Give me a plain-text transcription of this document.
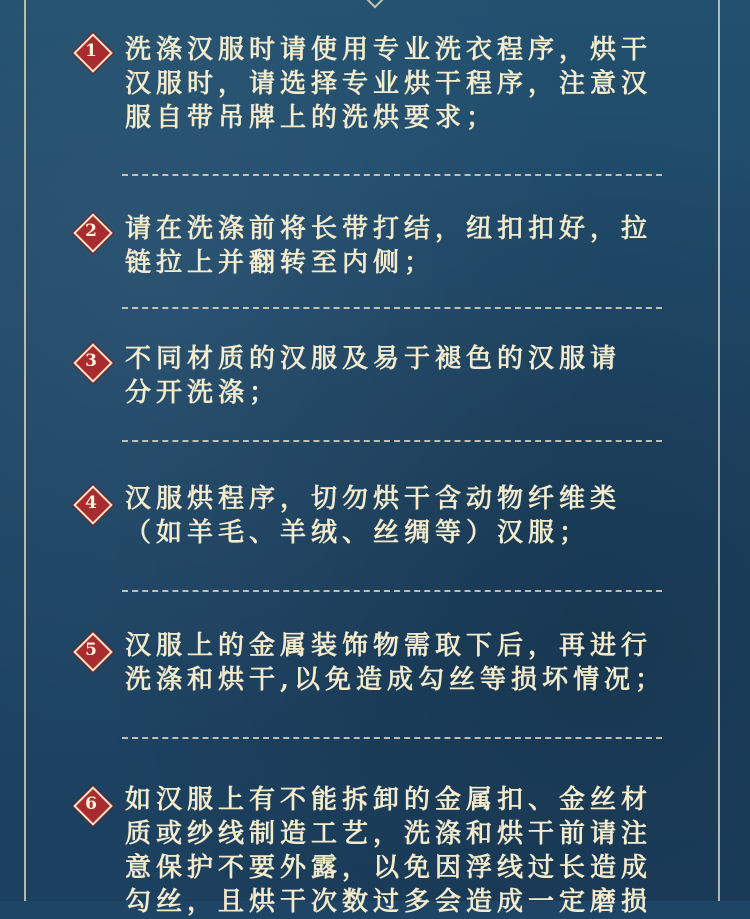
1	洗涤汉服时请使用专业洗衣程序，烘干
汉服时，请选择专业烘干程序，注意汉
服自带吊牌上的洗烘要求；
2	请在洗涤前将长带打结，纽扣扣好，拉
链拉上并翻转至内侧；
3	不同材质的汉服及易于褪色的汉服请
分开洗涤；
4	汉服烘程序，切勿烘干含动物纤维类
（如羊毛、羊绒、丝绸等）汉服；
5	汉服上的金属装饰物需取下后，再进行
洗涤和烘干,以免造成勾丝等损坏情况；
6	如汉服上有不能拆卸的金属扣、金丝材
质或纱线制造工艺，洗涤和烘干前请注
意保护不要外露，以免因浮线过长造成
勾丝，且烘干次数过多会造成一定磨损
